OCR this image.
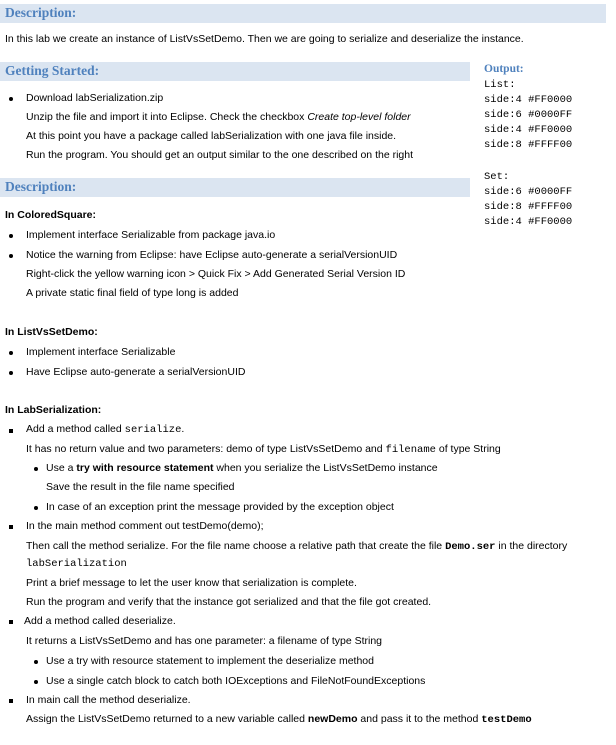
Description:
In this lab we create an instance of ListVsSetDemo. Then we are going to serialize and deserialize the instance.
Getting Started:
Download labSerialization.zip
Unzip the file and import it into Eclipse. Check the checkbox Create top-level folder
At this point you have a package called labSerialization with one java file inside.
Run the program. You should get an output similar to the one described on the right
Output:
List:
side:4 #FF0000
side:6 #0000FF
side:4 #FF0000
side:8 #FFFF00
Set:
side:6 #0000FF
side:8 #FFFF00
side:4 #FF0000
Description:
In ColoredSquare:
Implement interface Serializable from package java.io
Notice the warning from Eclipse: have Eclipse auto-generate a serialVersionUID
Right-click the yellow warning icon > Quick Fix > Add Generated Serial Version ID
A private static final field of type long is added
In ListVsSetDemo:
Implement interface Serializable
Have Eclipse auto-generate a serialVersionUID
In LabSerialization:
Add a method called serialize.
It has no return value and two parameters: demo of type ListVsSetDemo and filename of type String
Use a try with resource statement when you serialize the ListVsSetDemo instance
Save the result in the file name specified
In case of an exception print the message provided by the exception object
In the main method comment out testDemo(demo);
Then call the method serialize. For the file name choose a relative path that create the file Demo.ser in the directory
labSerialization
Print a brief message to let the user know that serialization is complete.
Run the program and verify that the instance got serialized and that the file got created.
Add a method called deserialize.
It returns a ListVsSetDemo and has one parameter: a filename of type String
Use a try with resource statement to implement the deserialize method
Use a single catch block to catch both IOExceptions and FileNotFoundExceptions
In main call the method deserialize.
Assign the ListVsSetDemo returned to a new variable called newDemo and pass it to the method testDemo
